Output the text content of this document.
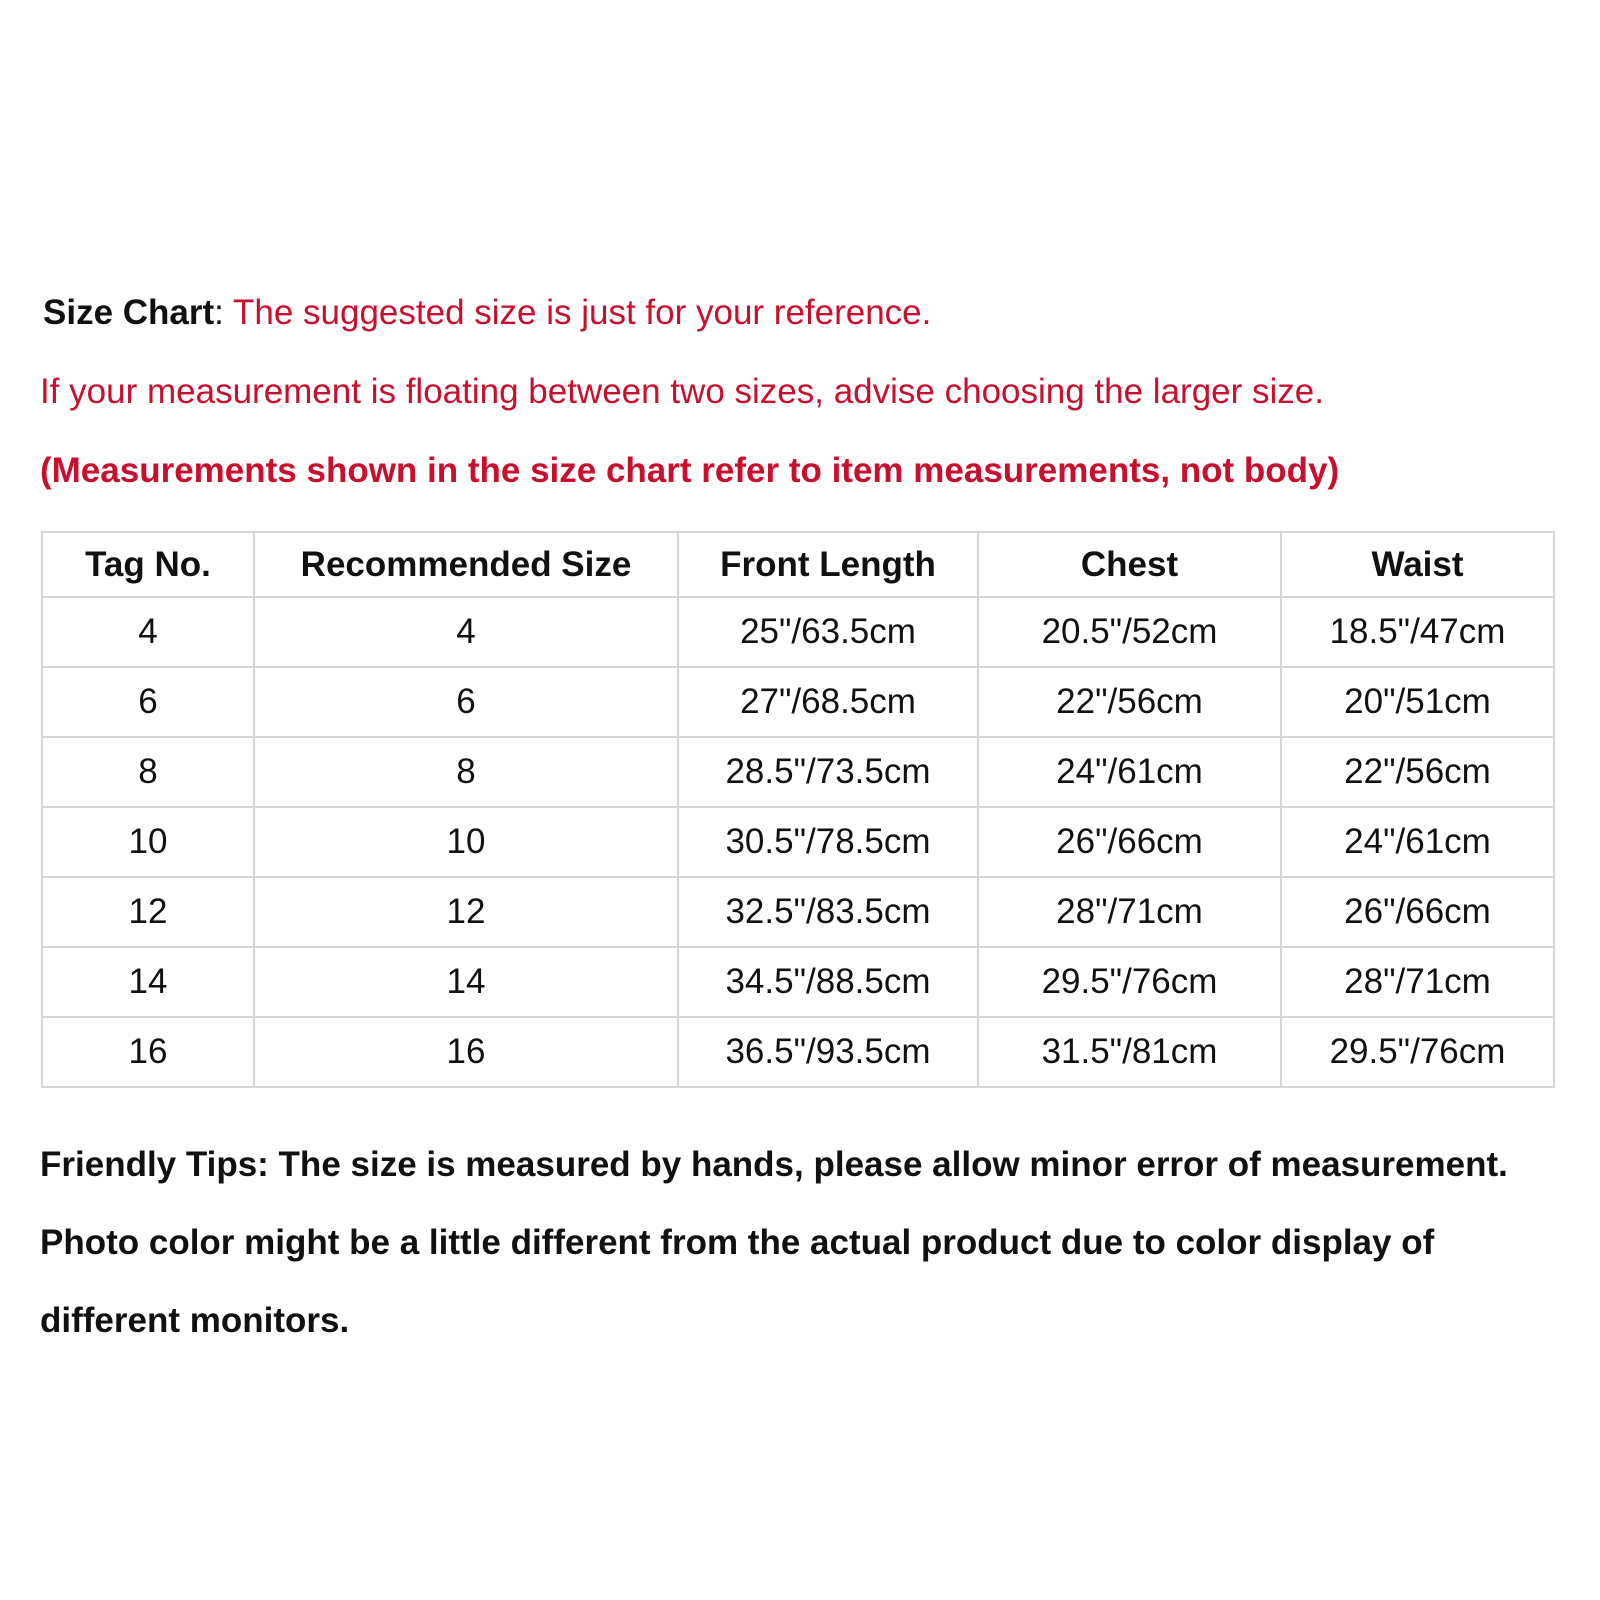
Size Chart: The suggested size is just for your reference.
If your measurement is floating between two sizes, advise choosing the larger size.
(Measurements shown in the size chart refer to item measurements, not body)
Tag No.	Recommended Size	Front Length	Chest	Waist
4	4	25"/63.5cm	20.5"/52cm	18.5"/47cm
6	6	27"/68.5cm	22"/56cm	20"/51cm
8	8	28.5"/73.5cm	24"/61cm	22"/56cm
10	10	30.5"/78.5cm	26"/66cm	24"/61cm
12	12	32.5"/83.5cm	28"/71cm	26"/66cm
14	14	34.5"/88.5cm	29.5"/76cm	28"/71cm
16	16	36.5"/93.5cm	31.5"/81cm	29.5"/76cm
Friendly Tips: The size is measured by hands, please allow minor error of measurement.
Photo color might be a little different from the actual product due to color display of
different monitors.
